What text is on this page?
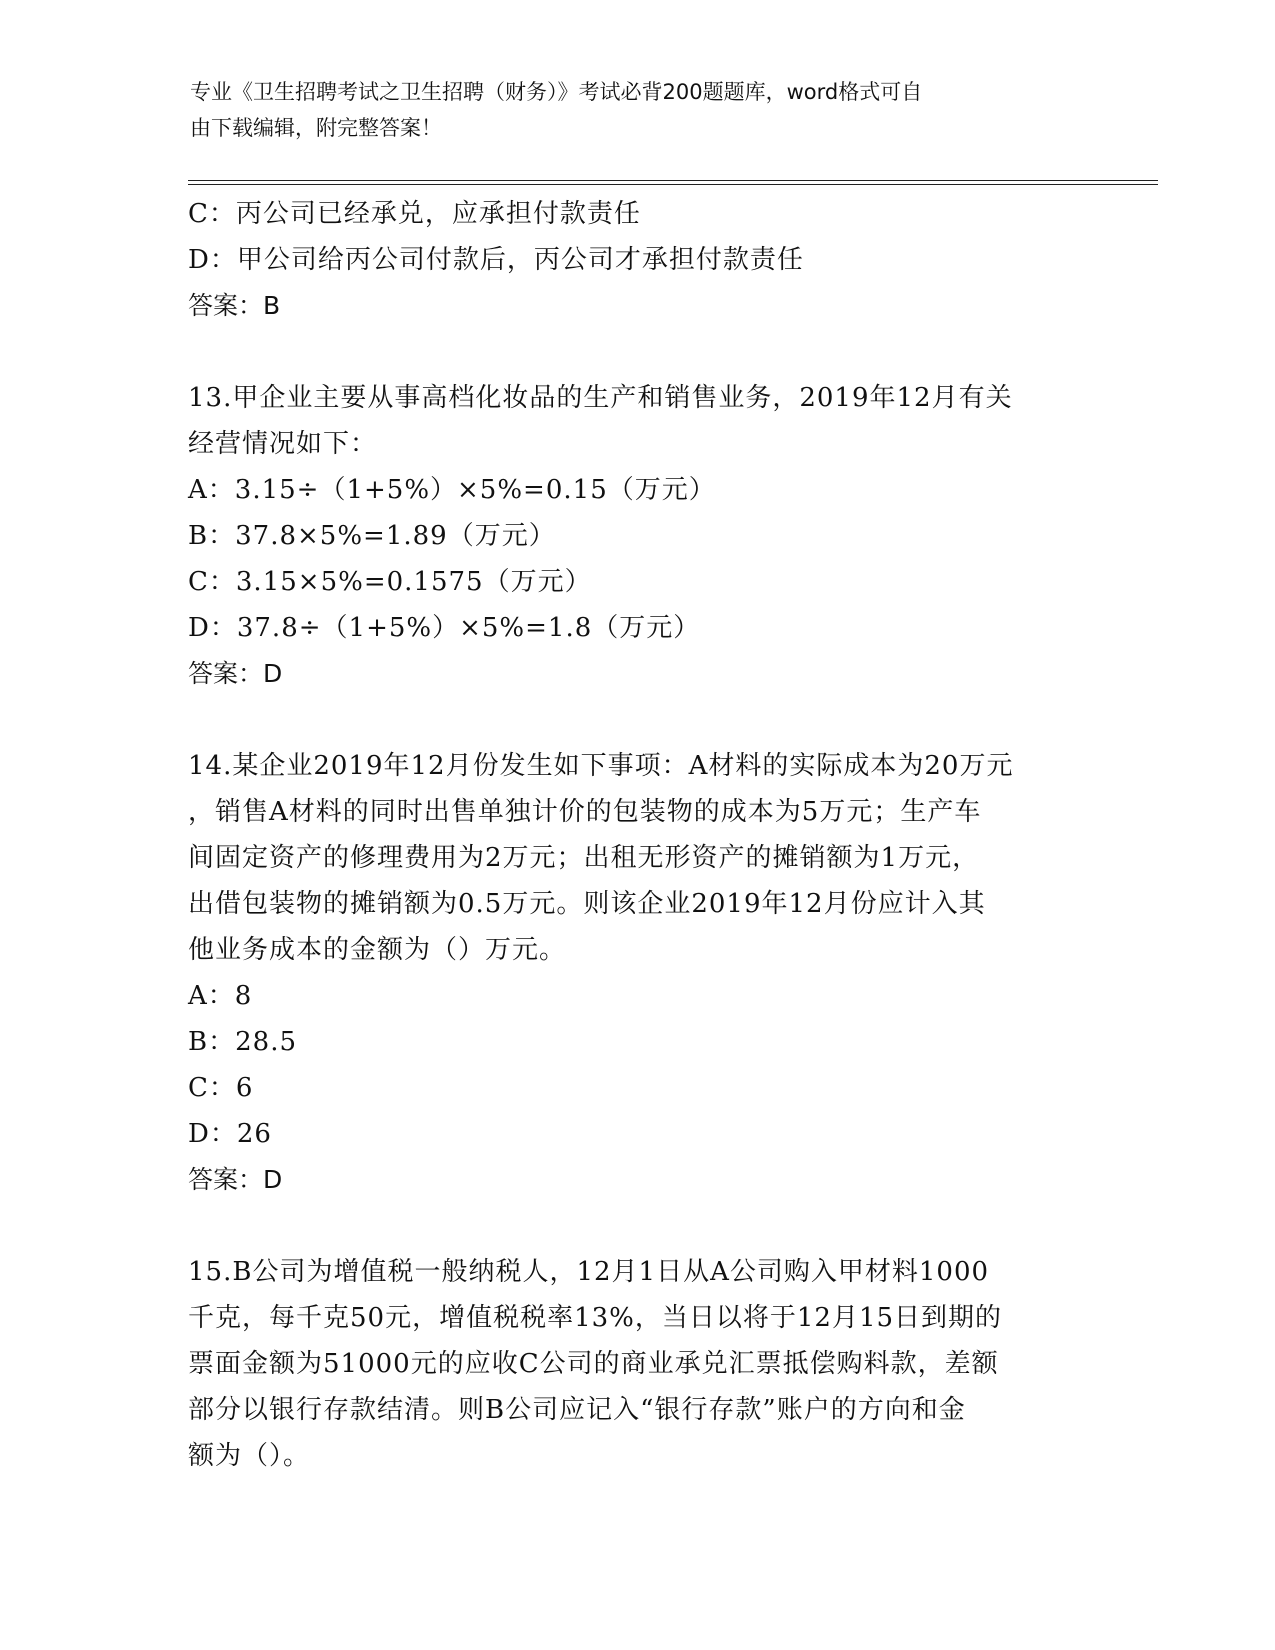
专业《卫生招聘考试之卫生招聘（财务）》考试必背200题题库，word格式可自
由下载编辑，附完整答案！
C：丙公司已经承兑，应承担付款责任
D：甲公司给丙公司付款后，丙公司才承担付款责任
答案：B
13.甲企业主要从事高档化妆品的生产和销售业务，2019年12月有关
经营情况如下：
A：3.15÷（1+5%）×5%=0.15（万元）
B：37.8×5%=1.89（万元）
C：3.15×5%=0.1575（万元）
D：37.8÷（1+5%）×5%=1.8（万元）
答案：D
14.某企业2019年12月份发生如下事项：A材料的实际成本为20万元
，销售A材料的同时出售单独计价的包装物的成本为5万元；生产车
间固定资产的修理费用为2万元；出租无形资产的摊销额为1万元，
出借包装物的摊销额为0.5万元。则该企业2019年12月份应计入其
他业务成本的金额为（）万元。
A：8
B：28.5
C：6
D：26
答案：D
15.B公司为增值税一般纳税人，12月1日从A公司购入甲材料1000
千克，每千克50元，增值税税率13%，当日以将于12月15日到期的
票面金额为51000元的应收C公司的商业承兑汇票抵偿购料款，差额
部分以银行存款结清。则B公司应记入“银行存款”账户的方向和金
额为（）。
